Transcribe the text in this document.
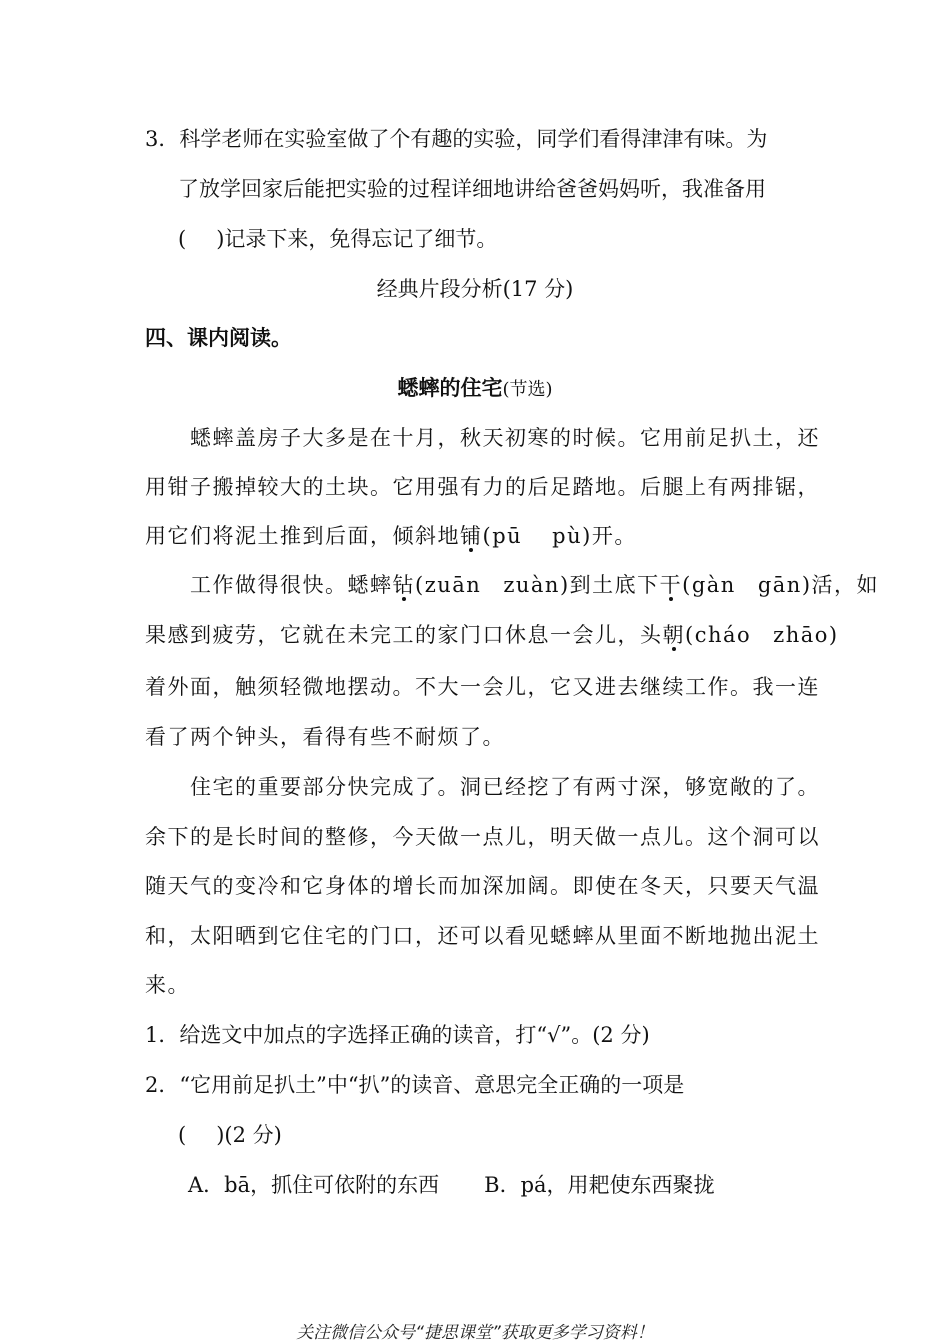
3．科学老师在实验室做了个有趣的实验，同学们看得津津有味。为
了放学回家后能把实验的过程详细地讲给爸爸妈妈听，我准备用
( )记录下来，免得忘记了细节。
经典片段分析(17 分)
四、课内阅读。
蟋蟀的住宅(节选)
蟋蟀盖房子大多是在十月，秋天初寒的时候。它用前足扒土，还
用钳子搬掉较大的土块。它用强有力的后足踏地。后腿上有两排锯，
用它们将泥土推到后面，倾斜地铺(pū pù)开。
工作做得很快。蟋蟀钻(zuān zuàn)到土底下干(gàn gān)活，如
果感到疲劳，它就在未完工的家门口休息一会儿，头朝(cháo zhāo)
着外面，触须轻微地摆动。不大一会儿，它又进去继续工作。我一连
看了两个钟头，看得有些不耐烦了。
住宅的重要部分快完成了。洞已经挖了有两寸深，够宽敞的了。
余下的是长时间的整修，今天做一点儿，明天做一点儿。这个洞可以
随天气的变冷和它身体的增长而加深加阔。即使在冬天，只要天气温
和，太阳晒到它住宅的门口，还可以看见蟋蟀从里面不断地抛出泥土
来。
1．给选文中加点的字选择正确的读音，打“√”。(2 分)
2．“它用前足扒土”中“扒”的读音、意思完全正确的一项是
( )(2 分)
A．bā，抓住可依附的东西 B．pá，用耙使东西聚拢
关注微信公众号“捷思课堂”获取更多学习资料！
